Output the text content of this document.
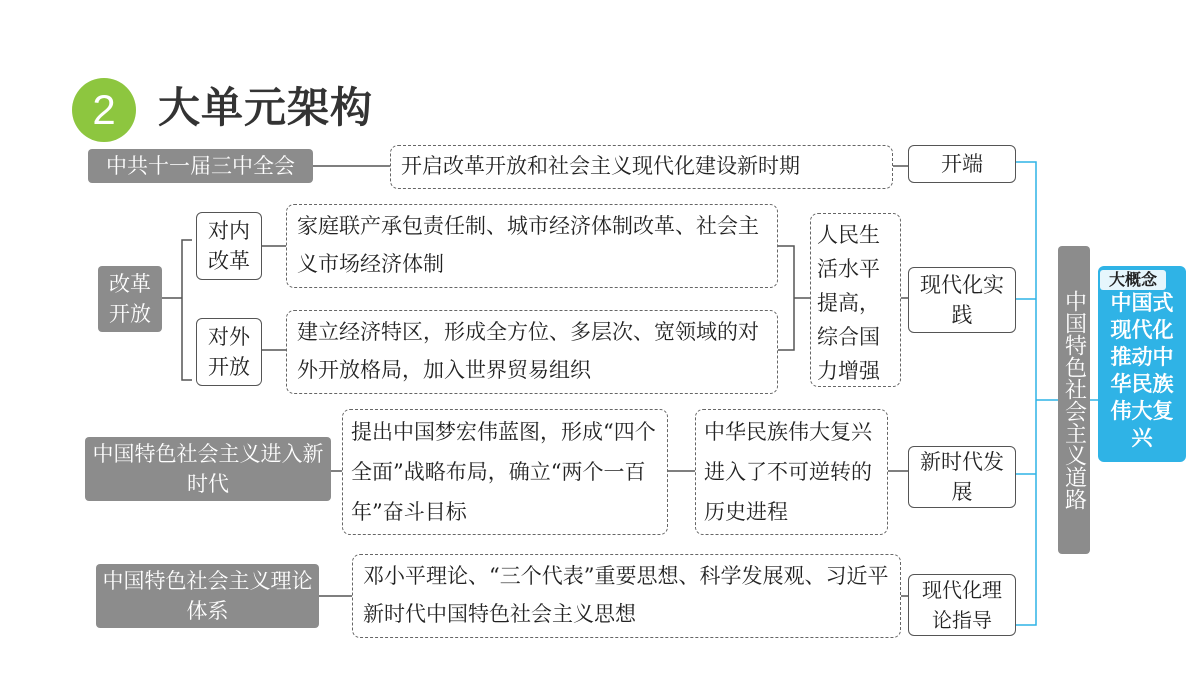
2	大单元架构
中共十一届三中全会	开启改革开放和社会主义现代化建设新时期	开端
改革开放
对内改革
对外开放
家庭联产承包责任制、城市经济体制改革、社会主义市场经济体制
建立经济特区，形成全方位、多层次、宽领域的对外开放格局，加入世界贸易组织
人民生活水平提高，综合国力增强
现代化实践
中国特色社会主义进入新时代
提出中国梦宏伟蓝图，形成“四个全面”战略布局，确立“两个一百年”奋斗目标
中华民族伟大复兴进入了不可逆转的历史进程
新时代发展
中国特色社会主义理论体系
邓小平理论、“三个代表”重要思想、科学发展观、习近平新时代中国特色社会主义思想
现代化理论指导
中国特色社会主义道路	中国式现代化推动中华民族伟大复兴
大概念
